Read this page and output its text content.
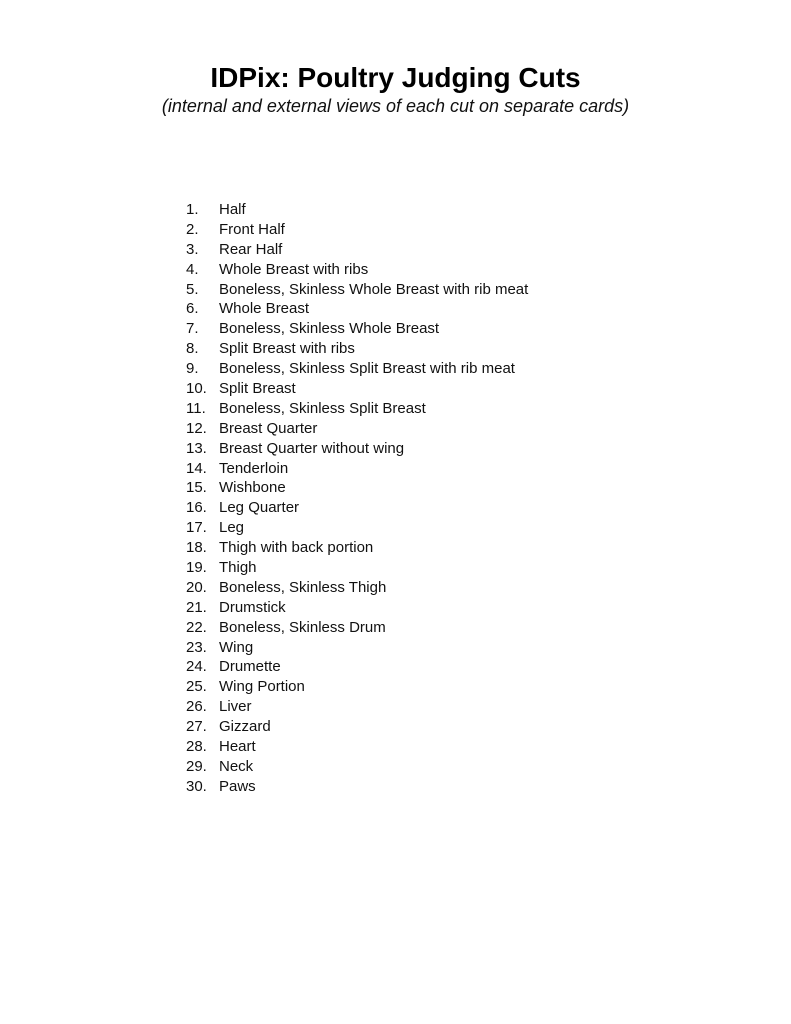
IDPix: Poultry Judging Cuts

(internal and external views of each cut on separate cards)

1.	Half
2.	Front Half
3.	Rear Half
4.	Whole Breast with ribs
5.	Boneless, Skinless Whole Breast with rib meat
6.	Whole Breast
7.	Boneless, Skinless Whole Breast
8.	Split Breast with ribs
9.	Boneless, Skinless Split Breast with rib meat
10. Split Breast
11. Boneless, Skinless Split Breast
12. Breast Quarter
13. Breast Quarter without wing
14. Tenderloin
15. Wishbone
16. Leg Quarter
17. Leg
18. Thigh with back portion
19. Thigh
20. Boneless, Skinless Thigh
21. Drumstick
22. Boneless, Skinless Drum
23. Wing
24. Drumette
25. Wing Portion
26. Liver
27. Gizzard
28. Heart
29. Neck
30. Paws
